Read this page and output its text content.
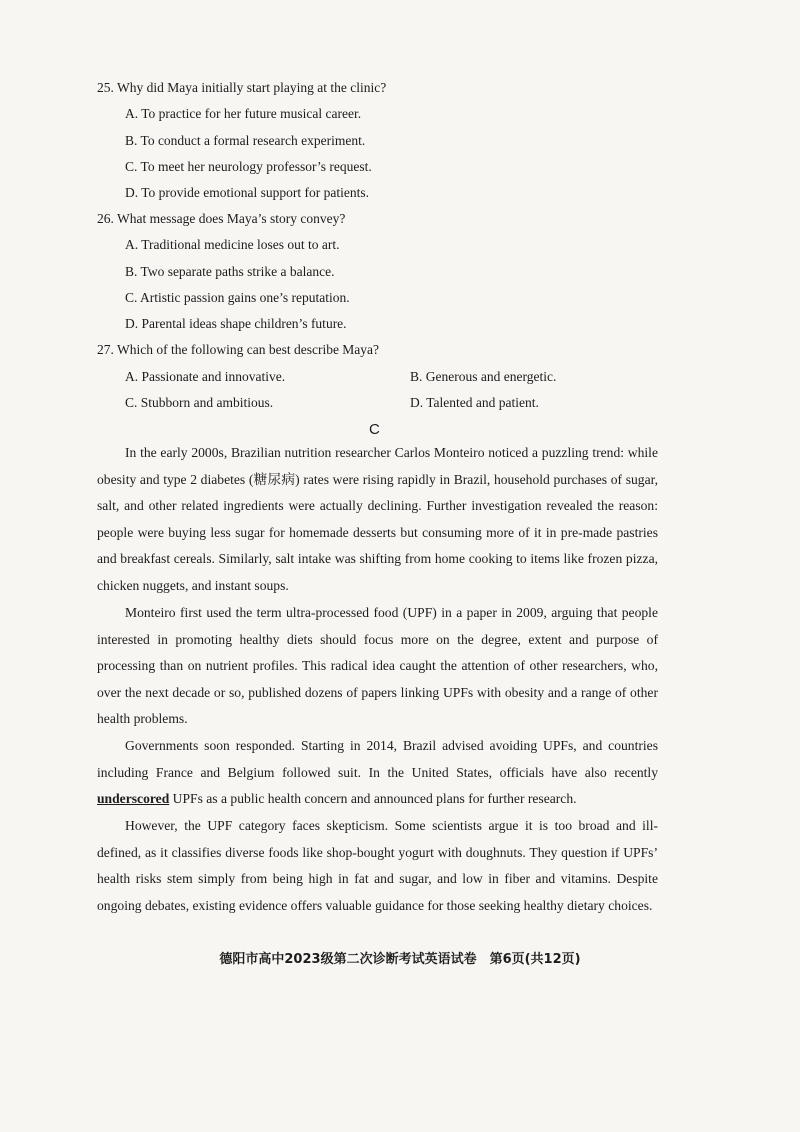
25. Why did Maya initially start playing at the clinic?
A. To practice for her future musical career.
B. To conduct a formal research experiment.
C. To meet her neurology professor’s request.
D. To provide emotional support for patients.
26. What message does Maya’s story convey?
A. Traditional medicine loses out to art.
B. Two separate paths strike a balance.
C. Artistic passion gains one’s reputation.
D. Parental ideas shape children’s future.
27. Which of the following can best describe Maya?
A. Passionate and innovative.	B. Generous and energetic.
C. Stubborn and ambitious.	D. Talented and patient.
C
In the early 2000s, Brazilian nutrition researcher Carlos Monteiro noticed a puzzling trend: while obesity and type 2 diabetes (糖尿病) rates were rising rapidly in Brazil, household purchases of sugar, salt, and other related ingredients were actually declining. Further investigation revealed the reason: people were buying less sugar for homemade desserts but consuming more of it in pre-made pastries and breakfast cereals. Similarly, salt intake was shifting from home cooking to items like frozen pizza, chicken nuggets, and instant soups.
Monteiro first used the term ultra-processed food (UPF) in a paper in 2009, arguing that people interested in promoting healthy diets should focus more on the degree, extent and purpose of processing than on nutrient profiles. This radical idea caught the attention of other researchers, who, over the next decade or so, published dozens of papers linking UPFs with obesity and a range of other health problems.
Governments soon responded. Starting in 2014, Brazil advised avoiding UPFs, and countries including France and Belgium followed suit. In the United States, officials have also recently underscored UPFs as a public health concern and announced plans for further research.
However, the UPF category faces skepticism. Some scientists argue it is too broad and ill-defined, as it classifies diverse foods like shop-bought yogurt with doughnuts. They question if UPFs’ health risks stem simply from being high in fat and sugar, and low in fiber and vitamins. Despite ongoing debates, existing evidence offers valuable guidance for those seeking healthy dietary choices.
德阳市高中2023级第二次诊断考试英语试卷　第6页(共12页)
